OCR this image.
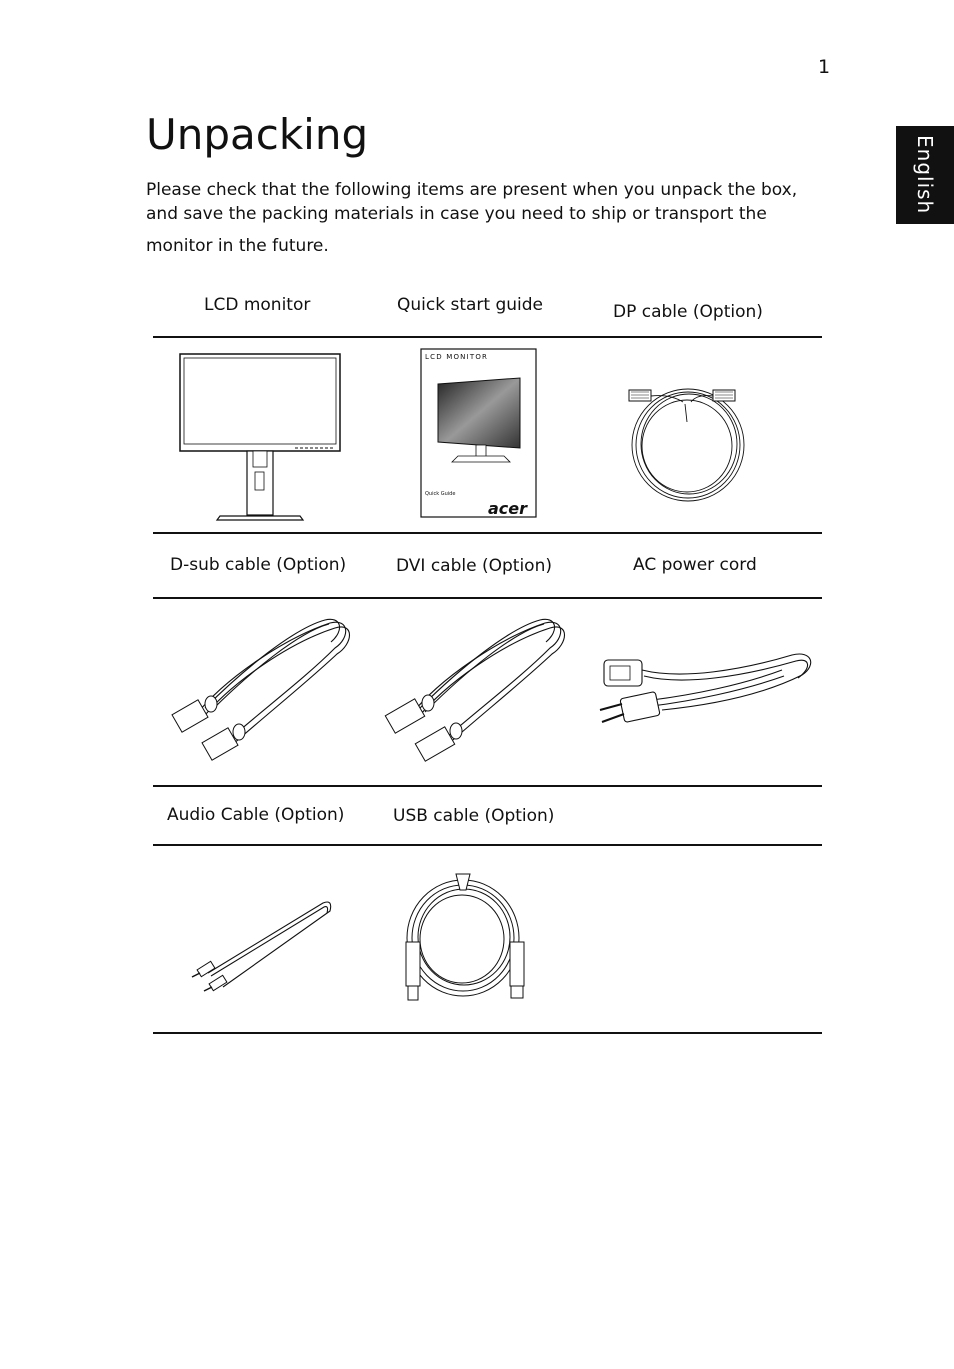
1
English
Unpacking

Please check that the following items are present when you unpack the box,
and save the packing materials in case you need to ship or transport the
monitor in the future.

LCD monitor	Quick start guide	DP cable (Option)
LCD MONITOR
Quick Guide
acer
D-sub cable (Option)	DVI cable (Option)	AC power cord
Audio Cable (Option)	USB cable (Option)
